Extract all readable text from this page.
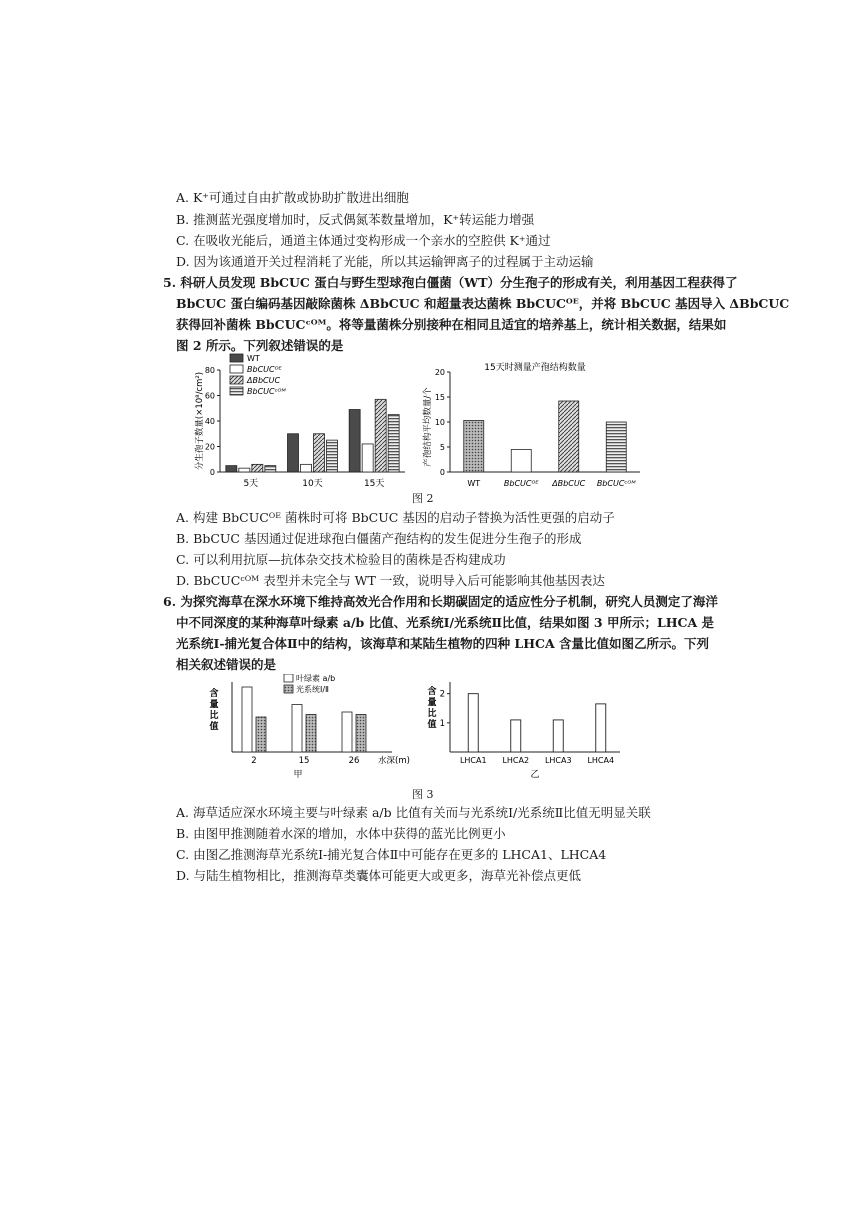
A. K⁺可通过自由扩散或协助扩散进出细胞
B. 推测蓝光强度增加时，反式偶氮苯数量增加，K⁺转运能力增强
C. 在吸收光能后，通道主体通过变构形成一个亲水的空腔供 K⁺通过
D. 因为该通道开关过程消耗了光能，所以其运输钾离子的过程属于主动运输
5. 科研人员发现 BbCUC 蛋白与野生型球孢白僵菌（WT）分生孢子的形成有关，利用基因工程获得了
BbCUC 蛋白编码基因敲除菌株 ΔBbCUC 和超量表达菌株 BbCUCᴼᴱ，并将 BbCUC 基因导入 ΔBbCUC
获得回补菌株 BbCUCᶜᴼᴹ。将等量菌株分别接种在相同且适宜的培养基上，统计相关数据，结果如
图 2 所示。下列叙述错误的是
0
20
40
60
80
分生孢子数量(×10⁸/cm²)
5天	10天	15天
WT
BbCUCᴼᴱ
ΔBbCUC
BbCUCᶜᴼᴹ
15天时测量产孢结构数量
0
5
10
15
20
产孢结构平均数量/个
WT	BbCUCᴼᴱ ΔBbCUC BbCUCᶜᴼᴹ
图 2
A. 构建 BbCUCᴼᴱ 菌株时可将 BbCUC 基因的启动子替换为活性更强的启动子
B. BbCUC 基因通过促进球孢白僵菌产孢结构的发生促进分生孢子的形成
C. 可以利用抗原—抗体杂交技术检验目的菌株是否构建成功
D. BbCUCᶜᴼᴹ 表型并未完全与 WT 一致，说明导入后可能影响其他基因表达
6. 为探究海草在深水环境下维持高效光合作用和长期碳固定的适应性分子机制，研究人员测定了海洋
中不同深度的某种海草叶绿素 a/b 比值、光系统Ⅰ/光系统Ⅱ比值，结果如图 3 甲所示；LHCA 是
光系统Ⅰ-捕光复合体Ⅱ中的结构，该海草和某陆生植物的四种 LHCA 含量比值如图乙所示。下列
相关叙述错误的是
含
量
比
值
2	15	26 水深(m)
甲
叶绿素 a/b
光系统Ⅰ/Ⅱ
1
2
含
量
比
值
LHCA1 LHCA2 LHCA3 LHCA4
乙
图 3
A. 海草适应深水环境主要与叶绿素 a/b 比值有关而与光系统Ⅰ/光系统Ⅱ比值无明显关联
B. 由图甲推测随着水深的增加，水体中获得的蓝光比例更小
C. 由图乙推测海草光系统Ⅰ-捕光复合体Ⅱ中可能存在更多的 LHCA1、LHCA4
D. 与陆生植物相比，推测海草类囊体可能更大或更多，海草光补偿点更低
